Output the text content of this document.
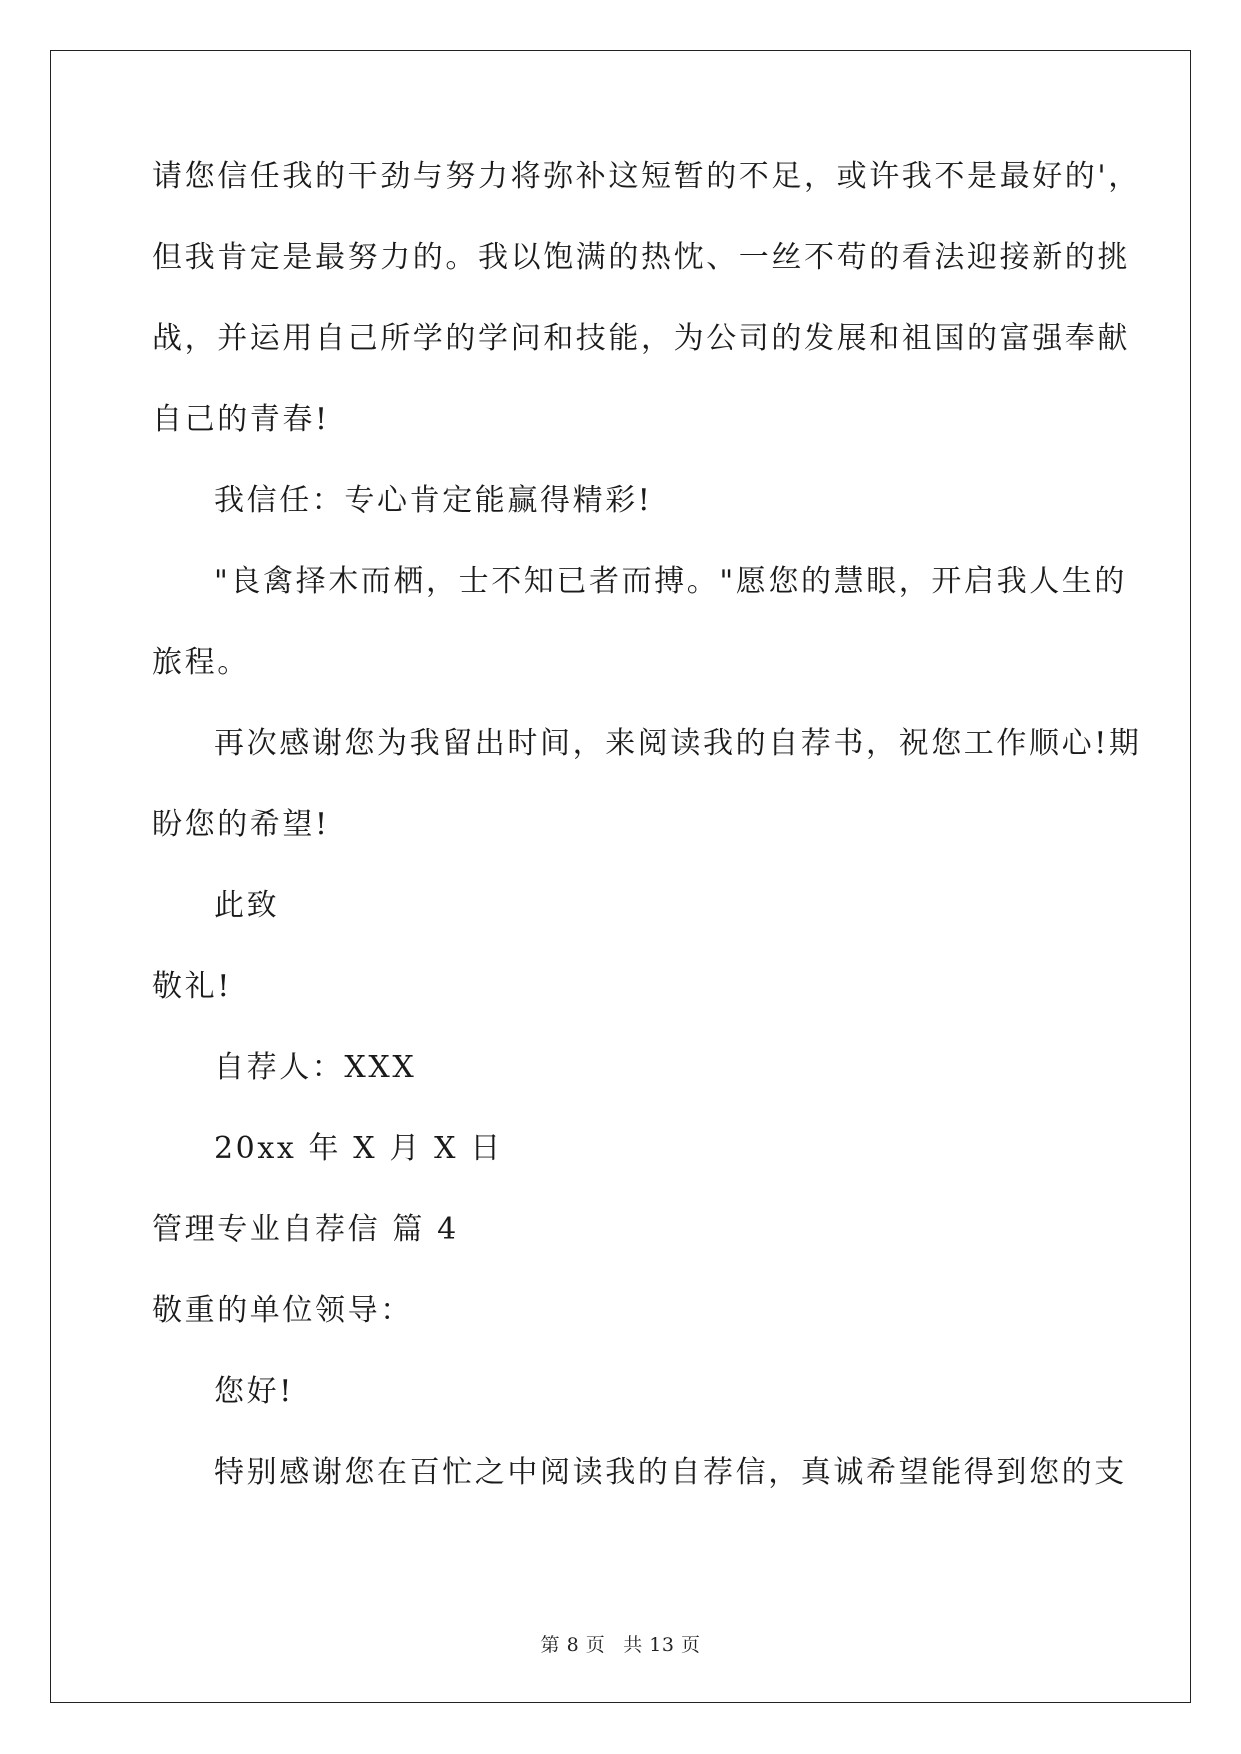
请您信任我的干劲与努力将弥补这短暂的不足，或许我不是最好的'，
但我肯定是最努力的。我以饱满的热忱、一丝不苟的看法迎接新的挑
战，并运用自己所学的学问和技能，为公司的发展和祖国的富强奉献
自己的青春!
我信任：专心肯定能赢得精彩!
"良禽择木而栖，士不知已者而搏。"愿您的慧眼，开启我人生的
旅程。
再次感谢您为我留出时间，来阅读我的自荐书，祝您工作顺心!期
盼您的希望!
此致
敬礼!
自荐人：XXX
20xx 年 X 月 X 日
管理专业自荐信 篇 4
敬重的单位领导：
您好!
特别感谢您在百忙之中阅读我的自荐信，真诚希望能得到您的支
第 8 页 共 13 页
